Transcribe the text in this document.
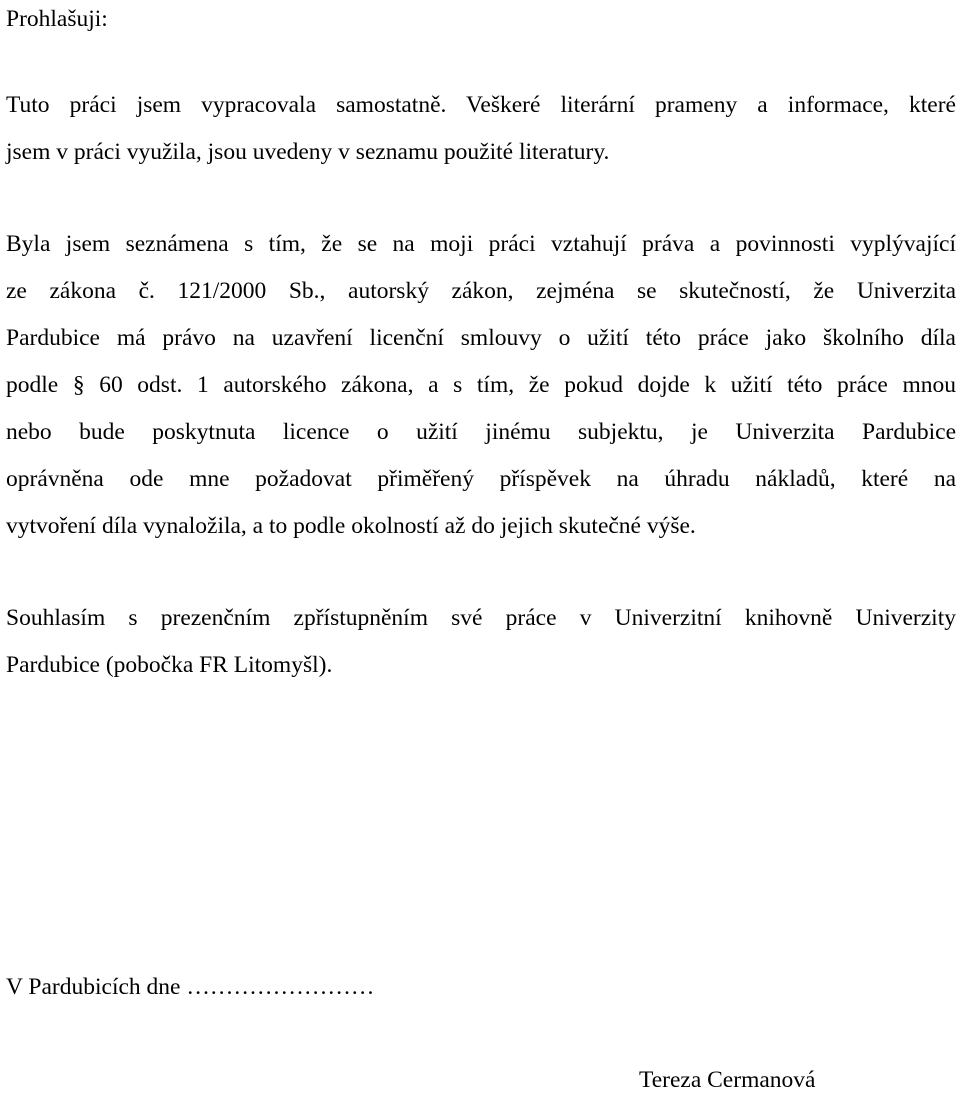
Prohlašuji:
Tuto práci jsem vypracovala samostatně. Veškeré literární prameny a informace, které
jsem v práci využila, jsou uvedeny v seznamu použité literatury.
Byla jsem seznámena s tím, že se na moji práci vztahují práva a povinnosti vyplývající
ze zákona č. 121/2000 Sb., autorský zákon, zejména se skutečností, že Univerzita
Pardubice má právo na uzavření licenční smlouvy o užití této práce jako školního díla
podle § 60 odst. 1 autorského zákona, a s tím, že pokud dojde k užití této práce mnou
nebo bude poskytnuta licence o užití jinému subjektu, je Univerzita Pardubice
oprávněna ode mne požadovat přiměřený příspěvek na úhradu nákladů, které na
vytvoření díla vynaložila, a to podle okolností až do jejich skutečné výše.
Souhlasím s prezenčním zpřístupněním své práce v Univerzitní knihovně Univerzity
Pardubice (pobočka FR Litomyšl).
V Pardubicích dne ……………………
Tereza Cermanová
